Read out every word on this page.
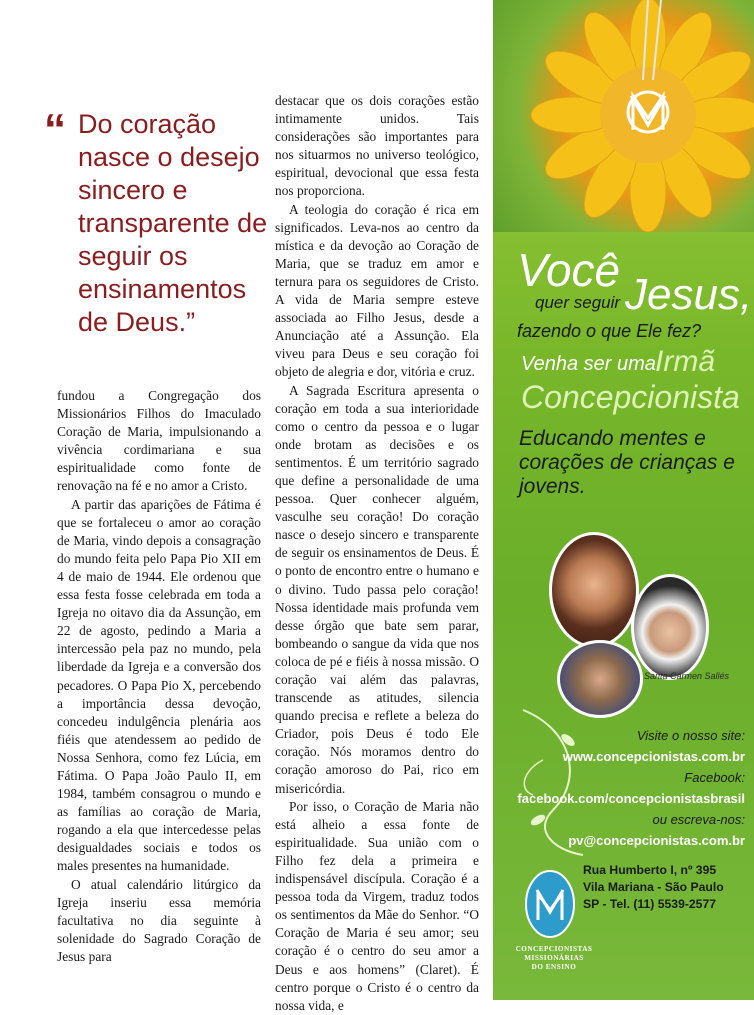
“ Do coração nasce o desejo sincero e transparente de seguir os ensinamentos de Deus.”

fundou a Congregação dos Missionários Filhos do Imaculado Coração de Maria, impulsionando a vivência cordimariana e sua espiritualidade como fonte de renovação na fé e no amor a Cristo.

A partir das aparições de Fátima é que se fortaleceu o amor ao coração de Maria, vindo depois a consagração do mundo feita pelo Papa Pio XII em 4 de maio de 1944. Ele ordenou que essa festa fosse celebrada em toda a Igreja no oitavo dia da Assunção, em 22 de agosto, pedindo a Maria a intercessão pela paz no mundo, pela liberdade da Igreja e a conversão dos pecadores. O Papa Pio X, percebendo a importância dessa devoção, concedeu indulgência plenária aos fiéis que atendessem ao pedido de Nossa Senhora, como fez Lúcia, em Fátima. O Papa João Paulo II, em 1984, também consagrou o mundo e as famílias ao coração de Maria, rogando a ela que intercedesse pelas desigualdades sociais e todos os males presentes na humanidade.

O atual calendário litúrgico da Igreja inseriu essa memória facultativa no dia seguinte à solenidade do Sagrado Coração de Jesus para

destacar que os dois corações estão intimamente unidos. Tais considerações são importantes para nos situarmos no universo teológico, espiritual, devocional que essa festa nos proporciona.

A teologia do coração é rica em significados. Leva-nos ao centro da mística e da devoção ao Coração de Maria, que se traduz em amor e ternura para os seguidores de Cristo. A vida de Maria sempre esteve associada ao Filho Jesus, desde a Anunciação até a Assunção. Ela viveu para Deus e seu coração foi objeto de alegria e dor, vitória e cruz.

A Sagrada Escritura apresenta o coração em toda a sua interioridade como o centro da pessoa e o lugar onde brotam as decisões e os sentimentos. É um território sagrado que define a personalidade de uma pessoa. Quer conhecer alguém, vasculhe seu coração! Do coração nasce o desejo sincero e transparente de seguir os ensinamentos de Deus. É o ponto de encontro entre o humano e o divino. Tudo passa pelo coração! Nossa identidade mais profunda vem desse órgão que bate sem parar, bombeando o sangue da vida que nos coloca de pé e fiéis à nossa missão. O coração vai além das palavras, transcende as atitudes, silencia quando precisa e reflete a beleza do Criador, pois Deus é todo Ele coração. Nós moramos dentro do coração amoroso do Pai, rico em misericórdia.

Por isso, o Coração de Maria não está alheio a essa fonte de espiritualidade. Sua união com o Filho fez dela a primeira e indispensável discípula. Coração é a pessoa toda da Virgem, traduz todos os sentimentos da Mãe do Senhor. “O Coração de Maria é seu amor; seu coração é o centro do seu amor a Deus e aos homens” (Claret). É centro porque o Cristo é o centro da nossa vida, e

Você Jesus,
quer seguir
fazendo o que Ele fez?
Venha ser uma Irmã
Concepcionista
Educando mentes e corações de crianças e jovens.
Santa Carmen Sallés
Visite o nosso site:
www.concepcionistas.com.br
Facebook:
facebook.com/concepcionistasbrasil
ou escreva-nos:
pv@concepcionistas.com.br
Rua Humberto I, nº 395
Vila Mariana - São Paulo
SP - Tel. (11) 5539-2577
CONCEPCIONISTAS
MISSIONÁRIAS
DO ENSINO
